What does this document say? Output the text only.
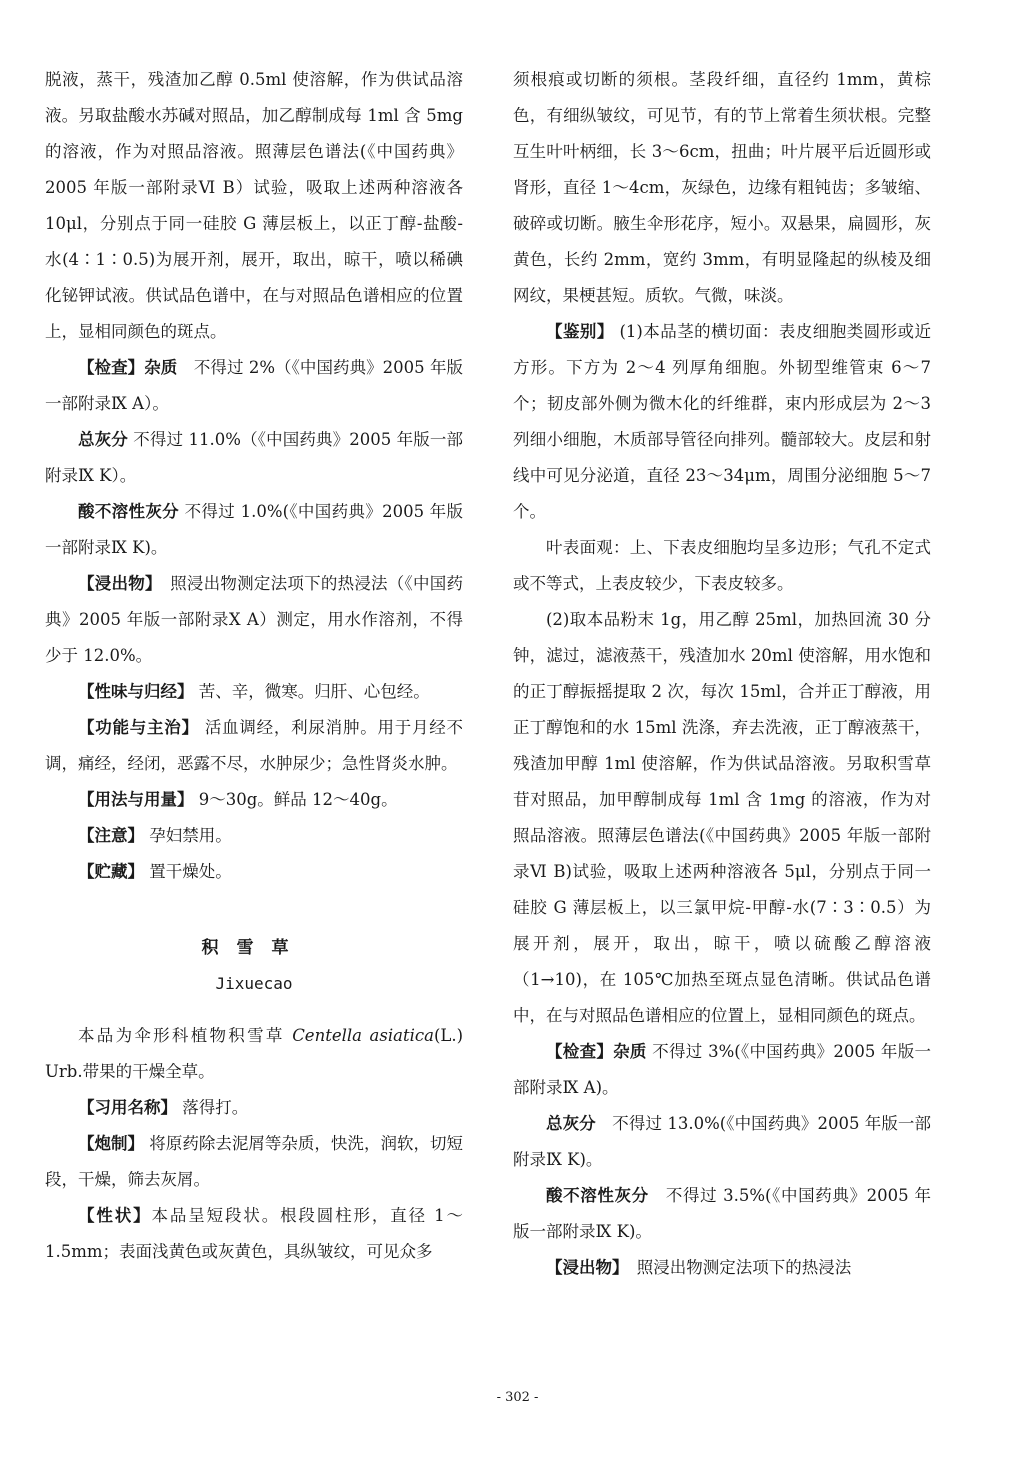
脱液，蒸干，残渣加乙醇 0.5ml 使溶解，作为供试品溶液。另取盐酸水苏碱对照品，加乙醇制成每 1ml 含 5mg 的溶液，作为对照品溶液。照薄层色谱法(《中国药典》2005 年版一部附录Ⅵ B）试验，吸取上述两种溶液各 10μl，分别点于同一硅胶 G 薄层板上，以正丁醇-盐酸-水(4∶1∶0.5)为展开剂，展开，取出，晾干，喷以稀碘化铋钾试液。供试品色谱中，在与对照品色谱相应的位置上，显相同颜色的斑点。

【检查】杂质　不得过 2%（《中国药典》2005 年版一部附录Ⅸ A）。

总灰分 不得过 11.0%（《中国药典》2005 年版一部附录Ⅸ K）。

酸不溶性灰分 不得过 1.0%(《中国药典》2005 年版一部附录Ⅸ K)。

【浸出物】　照浸出物测定法项下的热浸法（《中国药典》2005 年版一部附录Ⅹ A）测定，用水作溶剂，不得少于 12.0%。

【性味与归经】 苦、辛，微寒。归肝、心包经。

【功能与主治】 活血调经，利尿消肿。用于月经不调，痛经，经闭，恶露不尽，水肿尿少；急性肾炎水肿。

【用法与用量】 9～30g。鲜品 12～40g。

【注意】 孕妇禁用。

【贮藏】 置干燥处。

积雪草
Jixuecao

本品为伞形科植物积雪草 Centella asiatica(L.) Urb.带果的干燥全草。

【习用名称】 落得打。

【炮制】 将原药除去泥屑等杂质，快洗，润软，切短段，干燥，筛去灰屑。

【性状】本品呈短段状。根段圆柱形，直径 1～1.5mm；表面浅黄色或灰黄色，具纵皱纹，可见众多

须根痕或切断的须根。茎段纤细，直径约 1mm，黄棕色，有细纵皱纹，可见节，有的节上常着生须状根。完整互生叶叶柄细，长 3～6cm，扭曲；叶片展平后近圆形或肾形，直径 1～4cm，灰绿色，边缘有粗钝齿；多皱缩、破碎或切断。腋生伞形花序，短小。双悬果，扁圆形，灰黄色，长约 2mm，宽约 3mm，有明显隆起的纵棱及细网纹，果梗甚短。质软。气微，味淡。

【鉴别】 (1)本品茎的横切面：表皮细胞类圆形或近方形。下方为 2～4 列厚角细胞。外韧型维管束 6～7 个；韧皮部外侧为微木化的纤维群，束内形成层为 2～3 列细小细胞，木质部导管径向排列。髓部较大。皮层和射线中可见分泌道，直径 23～34μm，周围分泌细胞 5～7 个。

叶表面观：上、下表皮细胞均呈多边形；气孔不定式或不等式，上表皮较少，下表皮较多。

(2)取本品粉末 1g，用乙醇 25ml，加热回流 30 分钟，滤过，滤液蒸干，残渣加水 20ml 使溶解，用水饱和的正丁醇振摇提取 2 次，每次 15ml，合并正丁醇液，用正丁醇饱和的水 15ml 洗涤，弃去洗液，正丁醇液蒸干，残渣加甲醇 1ml 使溶解，作为供试品溶液。另取积雪草苷对照品，加甲醇制成每 1ml 含 1mg 的溶液，作为对照品溶液。照薄层色谱法(《中国药典》2005 年版一部附录Ⅵ B)试验，吸取上述两种溶液各 5μl，分别点于同一硅胶 G 薄层板上，以三氯甲烷-甲醇-水(7∶3∶0.5）为展开剂，展开，取出，晾干，喷以硫酸乙醇溶液（1→10)，在 105℃加热至斑点显色清晰。供试品色谱中，在与对照品色谱相应的位置上，显相同颜色的斑点。

【检查】杂质 不得过 3%(《中国药典》2005 年版一部附录Ⅸ A)。

总灰分　不得过 13.0%(《中国药典》2005 年版一部附录Ⅸ K)。

酸不溶性灰分　不得过 3.5%(《中国药典》2005 年版一部附录Ⅸ K)。

【浸出物】　照浸出物测定法项下的热浸法

- 302 -
